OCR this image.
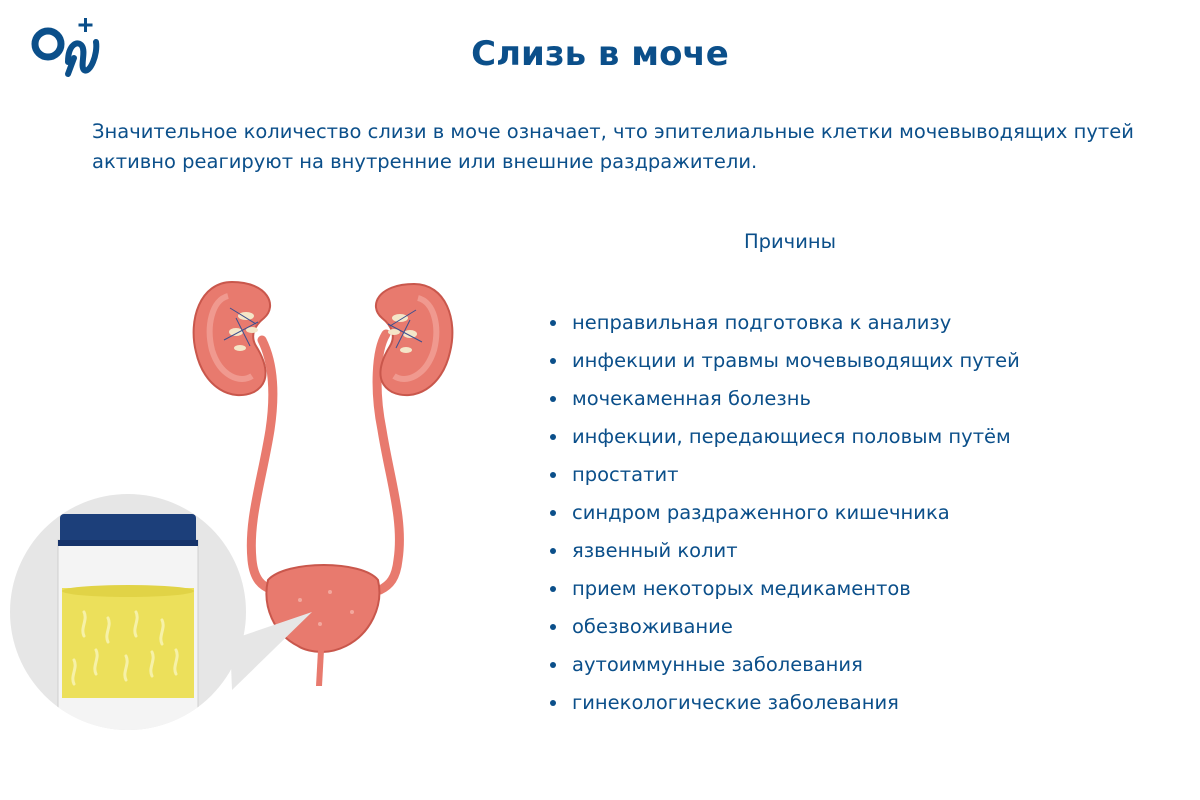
Слизь в моче

Значительное количество слизи в моче означает, что эпителиальные клетки мочевыводящих путей активно реагируют на внутренние или внешние раздражители.

Причины
неправильная подготовка к анализу
инфекции и травмы мочевыводящих путей
мочекаменная болезнь
инфекции, передающиеся половым путём
простатит
синдром раздраженного кишечника
язвенный колит
прием некоторых медикаментов
обезвоживание
аутоиммунные заболевания
гинекологические заболевания
